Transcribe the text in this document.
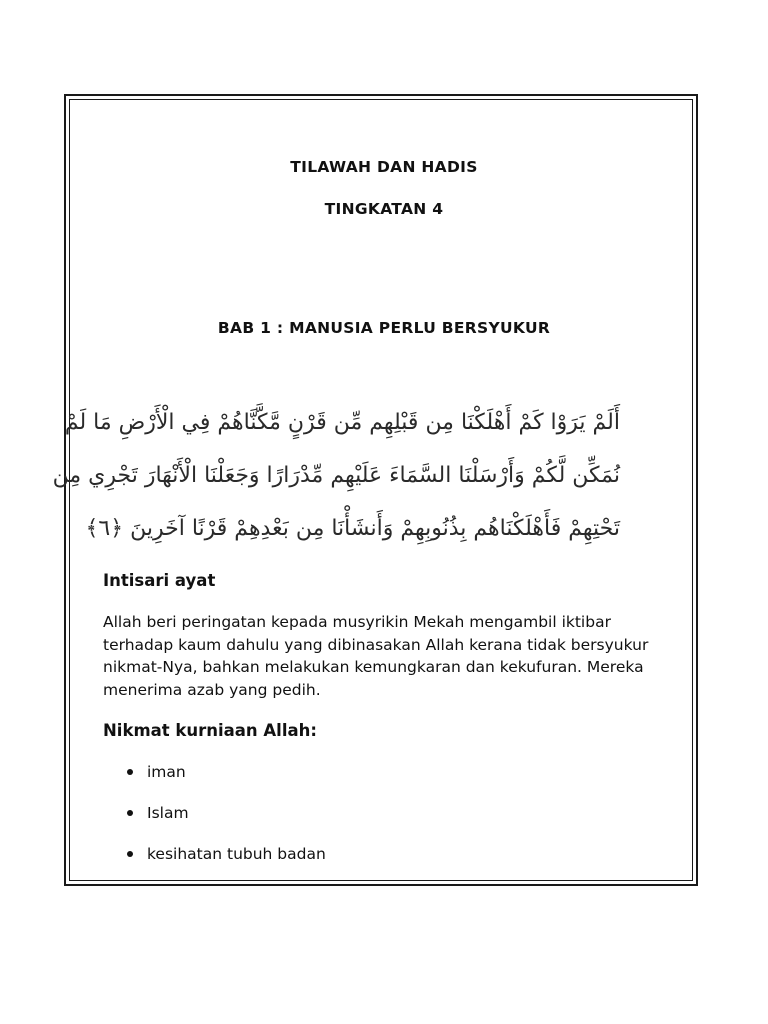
TILAWAH DAN HADIS
TINGKATAN 4
BAB 1 : MANUSIA PERLU BERSYUKUR
أَلَمْ يَرَوْا كَمْ أَهْلَكْنَا مِن قَبْلِهِم مِّن قَرْنٍ مَّكَّنَّاهُمْ فِي الْأَرْضِ مَا لَمْ
نُمَكِّن لَّكُمْ وَأَرْسَلْنَا السَّمَاءَ عَلَيْهِم مِّدْرَارًا وَجَعَلْنَا الْأَنْهَارَ تَجْرِي مِن
تَحْتِهِمْ فَأَهْلَكْنَاهُم بِذُنُوبِهِمْ وَأَنشَأْنَا مِن بَعْدِهِمْ قَرْنًا آخَرِينَ ﴿٦﴾
Intisari ayat
Allah beri peringatan kepada musyrikin Mekah mengambil iktibar terhadap kaum dahulu yang dibinasakan Allah kerana tidak bersyukur nikmat-Nya, bahkan melakukan kemungkaran dan kekufuran. Mereka menerima azab yang pedih.
Nikmat kurniaan Allah:
iman
Islam
kesihatan tubuh badan
